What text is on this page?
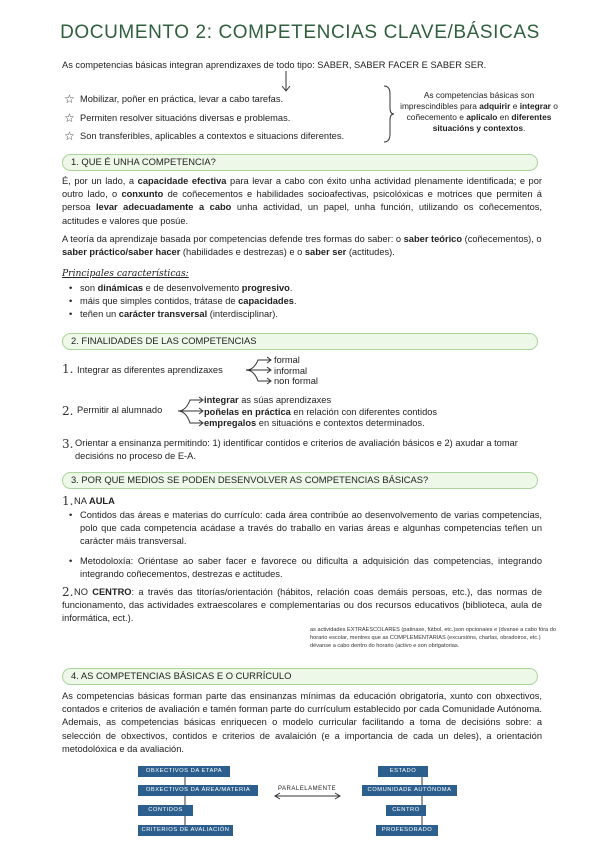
DOCUMENTO 2: COMPETENCIAS CLAVE/BÁSICAS
As competencias básicas integran aprendizaxes de todo tipo: SABER, SABER FACER E SABER SER.
☆ Mobilizar, poñer en práctica, levar a cabo tarefas.
☆ Permiten resolver situacións diversas e problemas.
☆ Son transferibles, aplicables a contextos e situacions diferentes.
As competencias básicas son imprescindibles para adquirir e integrar o coñecemento e aplicalo en diferentes situacións y contextos.
1. QUE É UNHA COMPETENCIA?
É, por un lado, a capacidade efectiva para levar a cabo con éxito unha actividad plenamente identificada; e por outro lado, o conxunto de coñecementos e habilidades socioafectivas, psicolóxicas e motrices que permiten á persoa levar adecuadamente a cabo unha actividad, un papel, unha función, utilizando os coñecementos, actitudes e valores que posúe.
A teoría da aprendizaje basada por competencias defende tres formas do saber: o saber teórico (coñecementos), o saber práctico/saber hacer (habilidades e destrezas) e o saber ser (actitudes).
Principales características:
• son dinámicas e de desenvolvemento progresivo.
• máis que simples contidos, trátase de capacidades.
• teñen un carácter transversal (interdisciplinar).
2. FINALIDADES DE LAS COMPETENCIAS
1. Integrar as diferentes aprendizaxes
formal
informal
non formal
2. Permitir al alumnado
integrar as súas aprendizaxes
poñelas en práctica en relación con diferentes contidos
empregalos en situacións e contextos determinados.
3. Orientar a ensinanza permitindo: 1) identificar contidos e criterios de avaliación básicos e 2) axudar a tomar decisións no proceso de E-A.
3. POR QUE MEDIOS SE PODEN DESENVOLVER AS COMPETENCIAS BÁSICAS?
1. NA AULA
• Contidos das áreas e materias do currículo: cada área contribúe ao desenvolvemento de varias competencias, polo que cada competencia acádase a través do traballo en varias áreas e algunhas competencias teñen un carácter máis transversal.
• Metodoloxía: Oriéntase ao saber facer e favorece ou dificulta a adquisición das competencias, integrando integrando coñecementos, destrezas e actitudes.
2. NO CENTRO: a través das titorías/orientación (hábitos, relación coas demáis persoas, etc.), das normas de funcionamento, das actividades extraescolares e complementarias ou dos recursos educativos (biblioteca, aula de informática, ect.).
as actividades EXTRAESCOLARES (patinaxe, fútbol, etc.)son opcionaies e (dvanse a cabo fóra do horario escolar, mentres que as COMPLEMENTARIAS (excursións, charlas, obradoiros, etc.) dévanse a cabo dentro do horario (activo e son obrigatorias.
4. AS COMPETENCIAS BÁSICAS E O CURRÍCULO
As competencias básicas forman parte das ensinanzas mínimas da educación obrigatoria, xunto con obxectivos, contados e criterios de avaliación e tamén forman parte do currículum establecido por cada Comunidade Autónoma. Ademais, as competencias básicas enriquecen o modelo curricular facilitando a toma de decisións sobre: a selección de obxectivos, contidos e criterios de avalaición (e a importancia de cada un deles), a orientación metodolóxica e da avaliación.
OBXECTIVOS DA ETAPA
OBXECTIVOS DA ÁREA/MATERIA
CONTIDOS
CRITERIOS DE AVALIACIÓN
PARALELAMENTE
ESTADO
COMUNIDADE AUTÓNOMA
CENTRO
PROFESORADO
